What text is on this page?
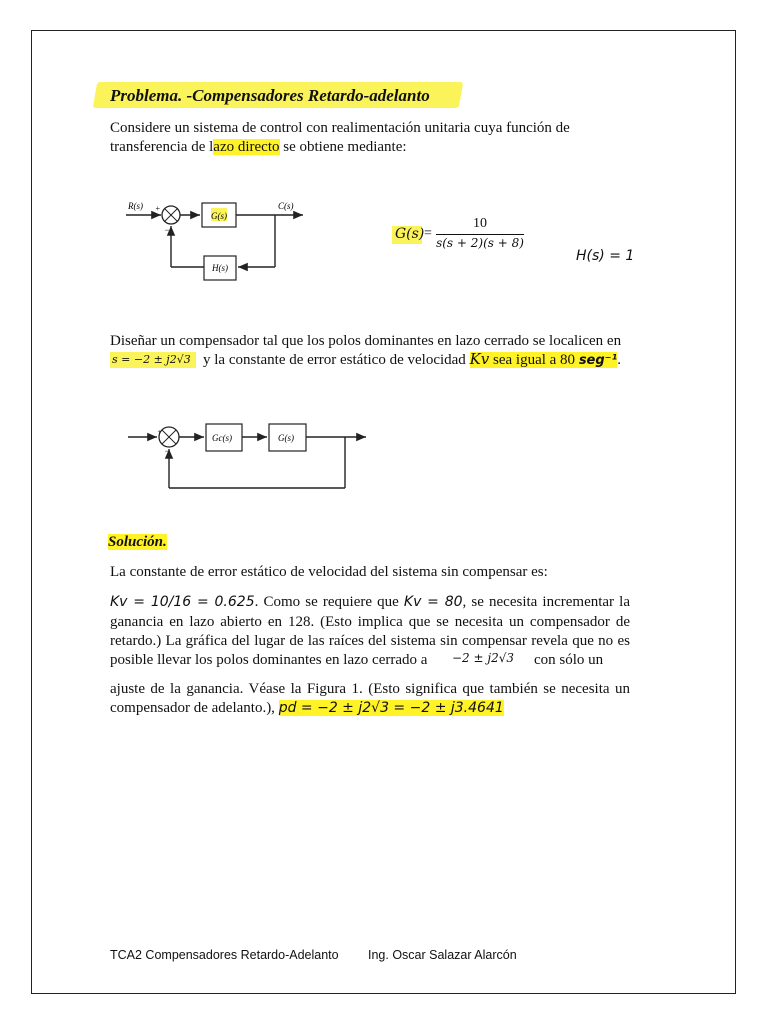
Problema. -Compensadores Retardo-adelanto
Considere un sistema de control con realimentación unitaria cuya función de
transferencia de lazo directo se obtiene mediante:
R(s) +
−
G(s)
C(s)
H(s)
G(s) =
10
s(s + 2)(s + 8)
H(s) = 1
Diseñar un compensador tal que los polos dominantes en lazo cerrado se localicen en
s = −2 ± j2√3 y la constante de error estático de velocidad Kv sea igual a 80 seg⁻¹.
+
−
Gc(s)	G(s)
Solución.
La constante de error estático de velocidad del sistema sin compensar es:
Kv = 10/16 = 0.625. Como se requiere que Kv = 80, se necesita incrementar la
ganancia en lazo abierto en 128. (Esto implica que se necesita un compensador de
retardo.) La gráfica del lugar de las raíces del sistema sin compensar revela que no es
posible llevar los polos dominantes en lazo cerrado a −2 ± j2√3 con sólo un
ajuste de la ganancia. Véase la Figura 1. (Esto significa que también se necesita un
compensador de adelanto.), pd = −2 ± j2√3 = −2 ± j3.4641
TCA2 Compensadores Retardo-Adelanto Ing. Oscar Salazar Alarcón
